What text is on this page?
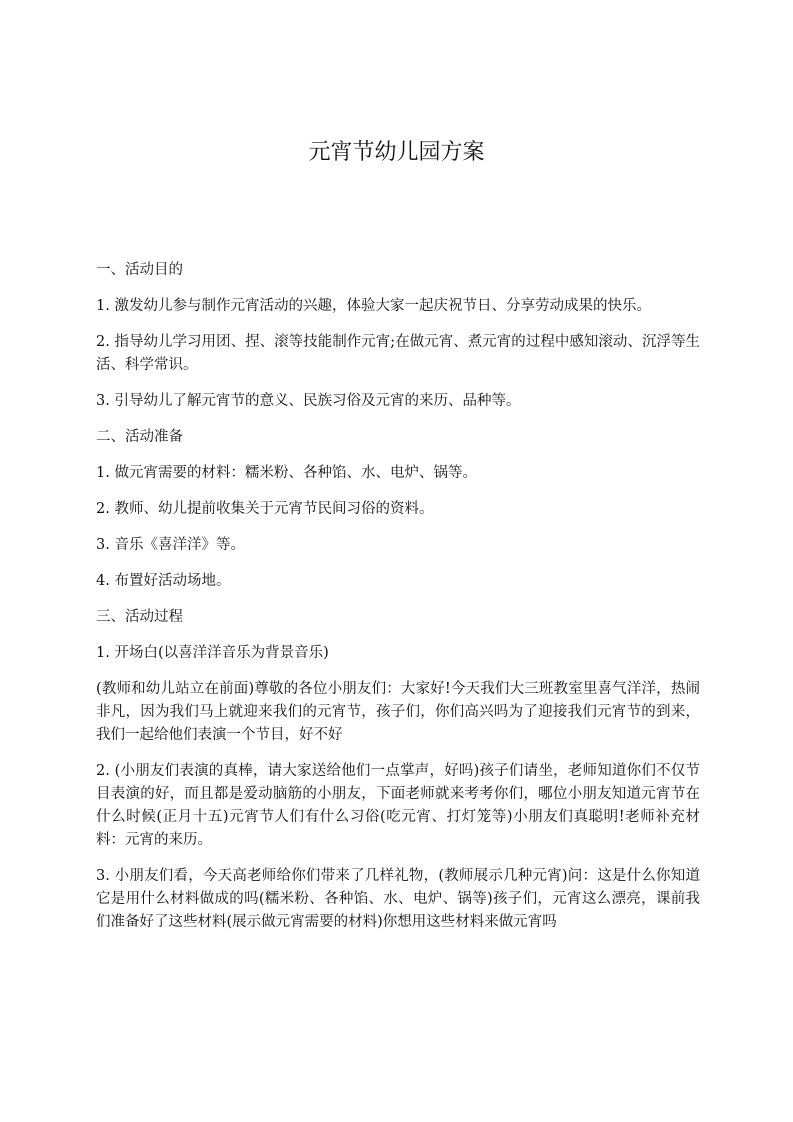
元宵节幼儿园方案
一、活动目的

1. 激发幼儿参与制作元宵活动的兴趣，体验大家一起庆祝节日、分享劳动成果的快乐。

2. 指导幼儿学习用团、捏、滚等技能制作元宵;在做元宵、煮元宵的过程中感知滚动、沉浮等生活、科学常识。

3. 引导幼儿了解元宵节的意义、民族习俗及元宵的来历、品种等。

二、活动准备

1. 做元宵需要的材料：糯米粉、各种馅、水、电炉、锅等。

2. 教师、幼儿提前收集关于元宵节民间习俗的资料。

3. 音乐《喜洋洋》等。

4. 布置好活动场地。

三、活动过程

1. 开场白(以喜洋洋音乐为背景音乐)

(教师和幼儿站立在前面)尊敬的各位小朋友们：大家好!今天我们大三班教室里喜气洋洋，热闹非凡，因为我们马上就迎来我们的元宵节，孩子们，你们高兴吗为了迎接我们元宵节的到来，我们一起给他们表演一个节目，好不好

2. (小朋友们表演的真棒，请大家送给他们一点掌声，好吗)孩子们请坐，老师知道你们不仅节目表演的好，而且都是爱动脑筋的小朋友，下面老师就来考考你们，哪位小朋友知道元宵节在什么时候(正月十五)元宵节人们有什么习俗(吃元宵、打灯笼等)小朋友们真聪明!老师补充材料：元宵的来历。

3. 小朋友们看，今天高老师给你们带来了几样礼物，(教师展示几种元宵)问：这是什么你知道它是用什么材料做成的吗(糯米粉、各种馅、水、电炉、锅等)孩子们，元宵这么漂亮，课前我们准备好了这些材料(展示做元宵需要的材料)你想用这些材料来做元宵吗
